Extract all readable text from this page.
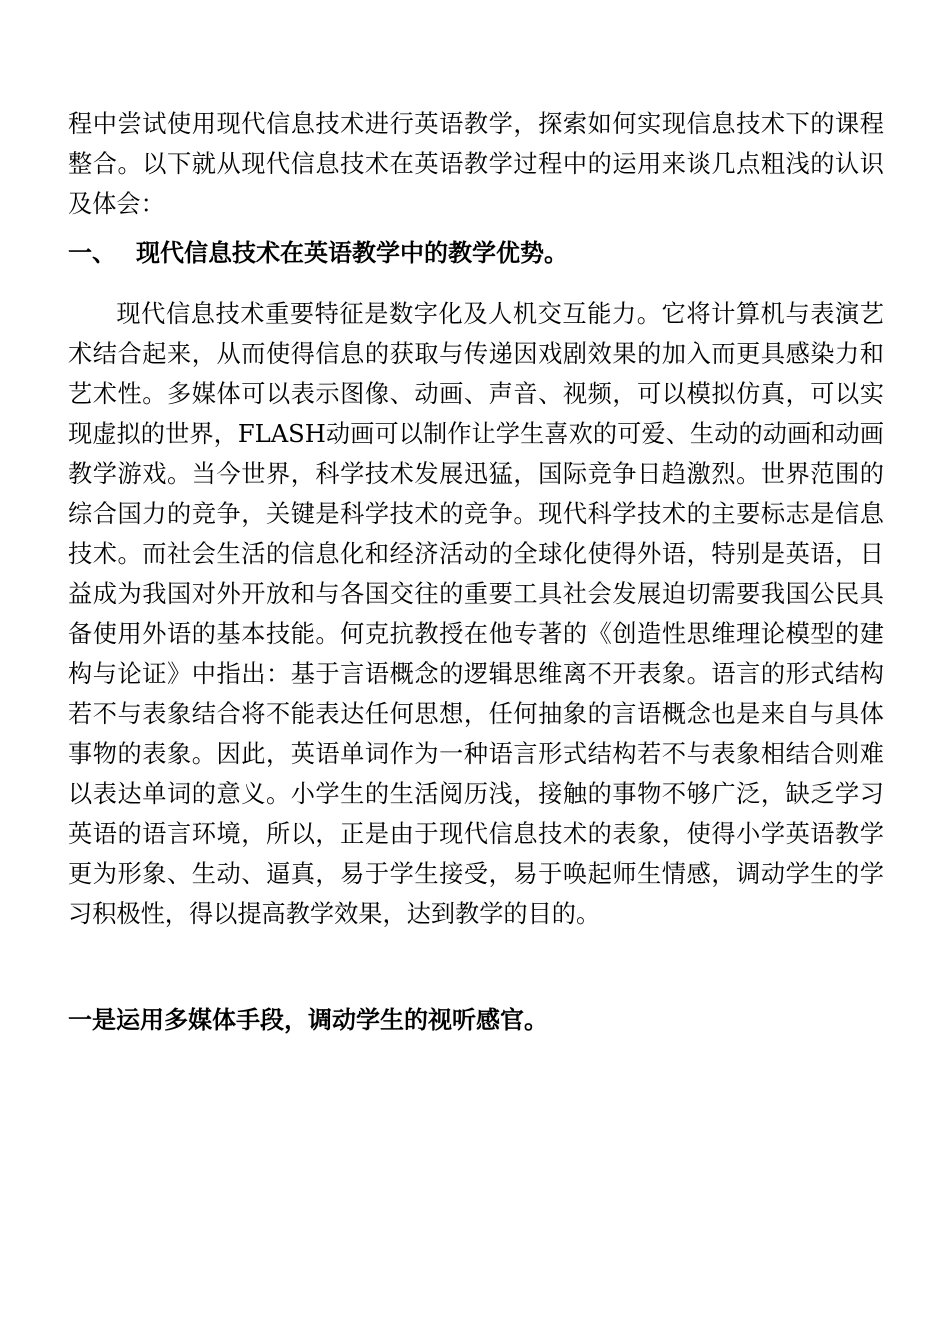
程中尝试使用现代信息技术进行英语教学，探索如何实现信息技术下的课程整合。以下就从现代信息技术在英语教学过程中的运用来谈几点粗浅的认识及体会：

一、 现代信息技术在英语教学中的教学优势。

现代信息技术重要特征是数字化及人机交互能力。它将计算机与表演艺术结合起来，从而使得信息的获取与传递因戏剧效果的加入而更具感染力和艺术性。多媒体可以表示图像、动画、声音、视频，可以模拟仿真，可以实现虚拟的世界，FLASH动画可以制作让学生喜欢的可爱、生动的动画和动画教学游戏。当今世界，科学技术发展迅猛，国际竞争日趋激烈。世界范围的综合国力的竞争，关键是科学技术的竞争。现代科学技术的主要标志是信息技术。而社会生活的信息化和经济活动的全球化使得外语，特别是英语，日益成为我国对外开放和与各国交往的重要工具社会发展迫切需要我国公民具备使用外语的基本技能。何克抗教授在他专著的《创造性思维理论模型的建构与论证》中指出：基于言语概念的逻辑思维离不开表象。语言的形式结构若不与表象结合将不能表达任何思想，任何抽象的言语概念也是来自与具体事物的表象。因此，英语单词作为一种语言形式结构若不与表象相结合则难以表达单词的意义。小学生的生活阅历浅，接触的事物不够广泛，缺乏学习英语的语言环境，所以，正是由于现代信息技术的表象，使得小学英语教学更为形象、生动、逼真，易于学生接受，易于唤起师生情感，调动学生的学习积极性，得以提高教学效果，达到教学的目的。

一是运用多媒体手段，调动学生的视听感官。
